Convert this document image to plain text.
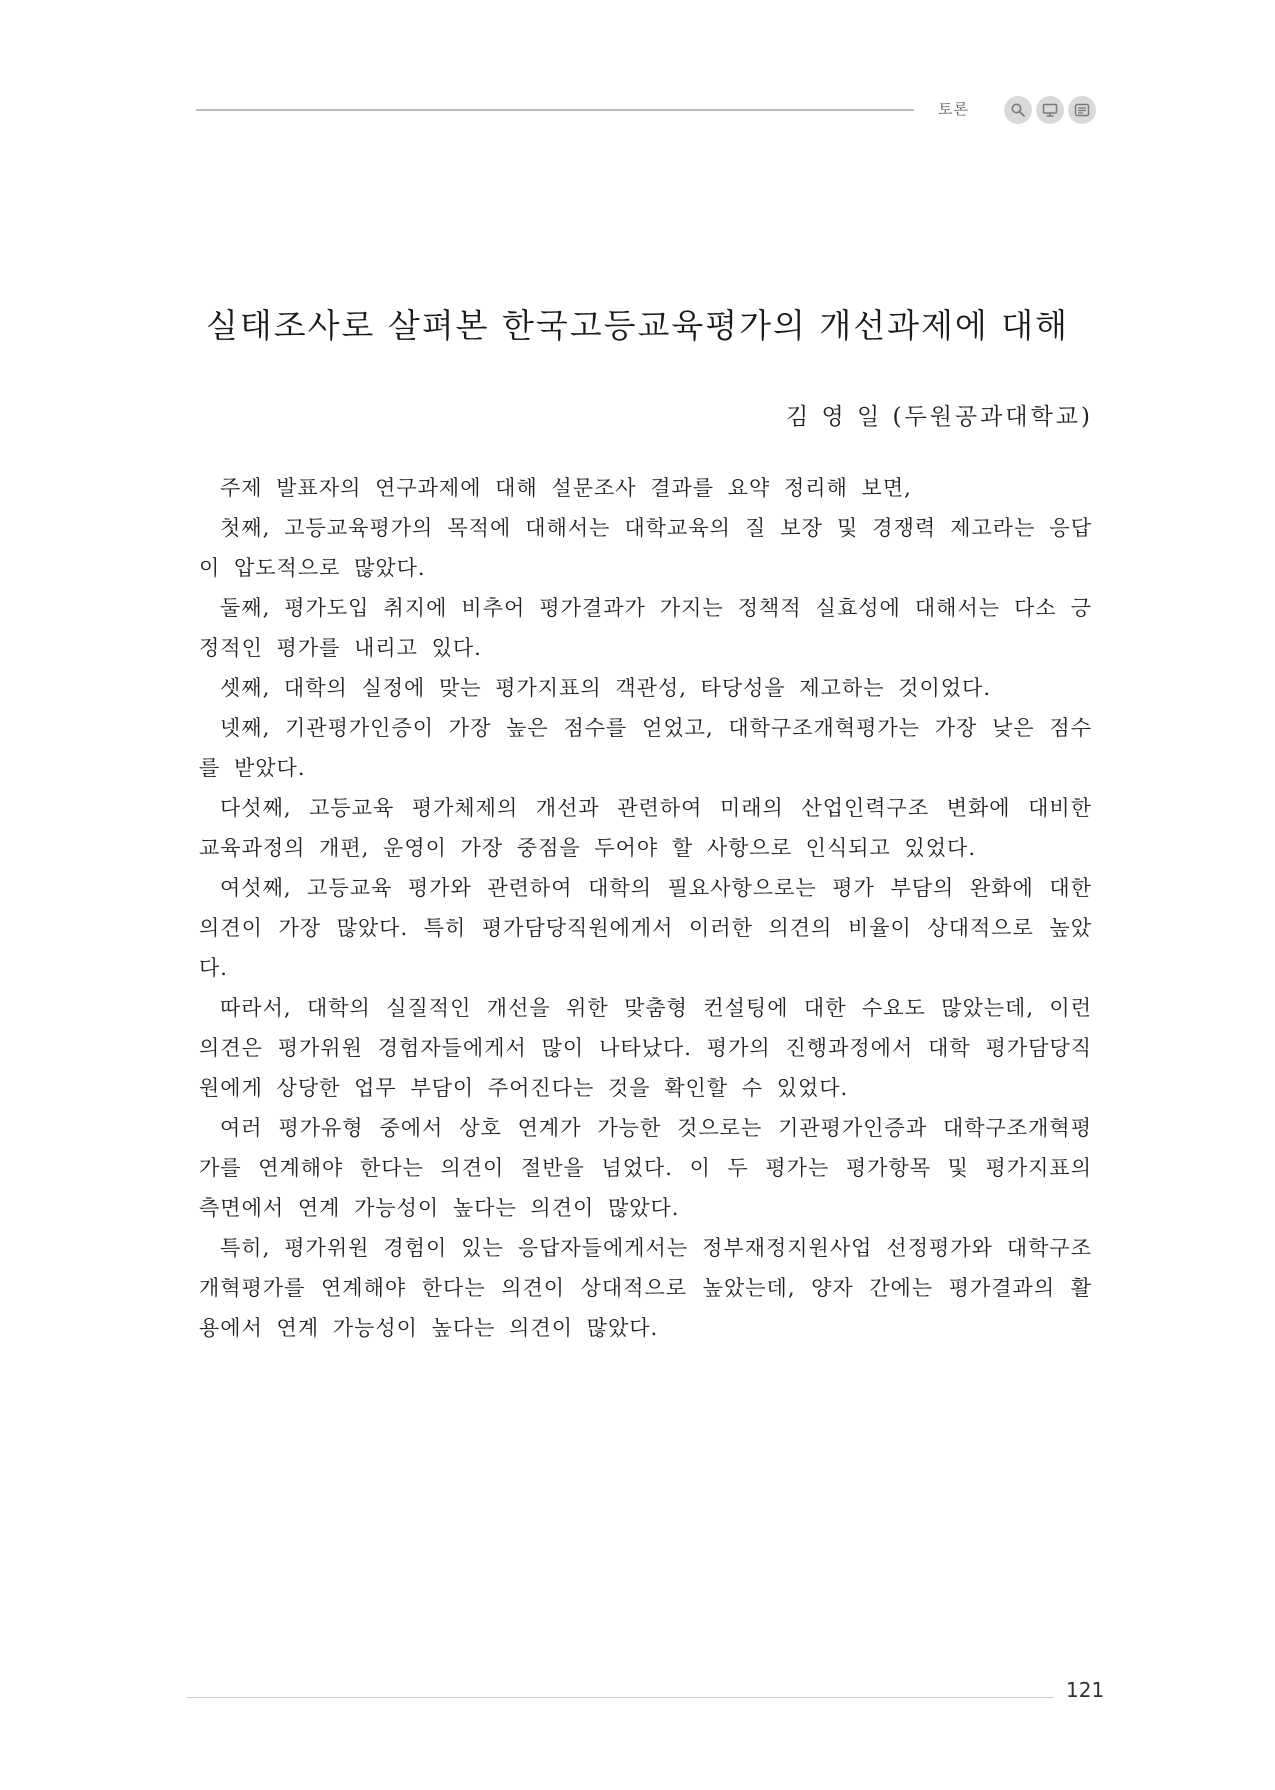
토론
실태조사로 살펴본 한국고등교육평가의 개선과제에 대해
김 영 일 (두원공과대학교)

주제 발표자의 연구과제에 대해 설문조사 결과를 요약 정리해 보면,

첫째, 고등교육평가의 목적에 대해서는 대학교육의 질 보장 및 경쟁력 제고라는 응답이 압도적으로 많았다.

둘째, 평가도입 취지에 비추어 평가결과가 가지는 정책적 실효성에 대해서는 다소 긍정적인 평가를 내리고 있다.

셋째, 대학의 실정에 맞는 평가지표의 객관성, 타당성을 제고하는 것이었다.

넷째, 기관평가인증이 가장 높은 점수를 얻었고, 대학구조개혁평가는 가장 낮은 점수를 받았다.

다섯째, 고등교육 평가체제의 개선과 관련하여 미래의 산업인력구조 변화에 대비한 교육과정의 개편, 운영이 가장 중점을 두어야 할 사항으로 인식되고 있었다.

여섯째, 고등교육 평가와 관련하여 대학의 필요사항으로는 평가 부담의 완화에 대한 의견이 가장 많았다. 특히 평가담당직원에게서 이러한 의견의 비율이 상대적으로 높았다.

따라서, 대학의 실질적인 개선을 위한 맞춤형 컨설팅에 대한 수요도 많았는데, 이런 의견은 평가위원 경험자들에게서 많이 나타났다. 평가의 진행과정에서 대학 평가담당직원에게 상당한 업무 부담이 주어진다는 것을 확인할 수 있었다.

여러 평가유형 중에서 상호 연계가 가능한 것으로는 기관평가인증과 대학구조개혁평가를 연계해야 한다는 의견이 절반을 넘었다. 이 두 평가는 평가항목 및 평가지표의 측면에서 연계 가능성이 높다는 의견이 많았다.

특히, 평가위원 경험이 있는 응답자들에게서는 정부재정지원사업 선정평가와 대학구조개혁평가를 연계해야 한다는 의견이 상대적으로 높았는데, 양자 간에는 평가결과의 활용에서 연계 가능성이 높다는 의견이 많았다.

121
